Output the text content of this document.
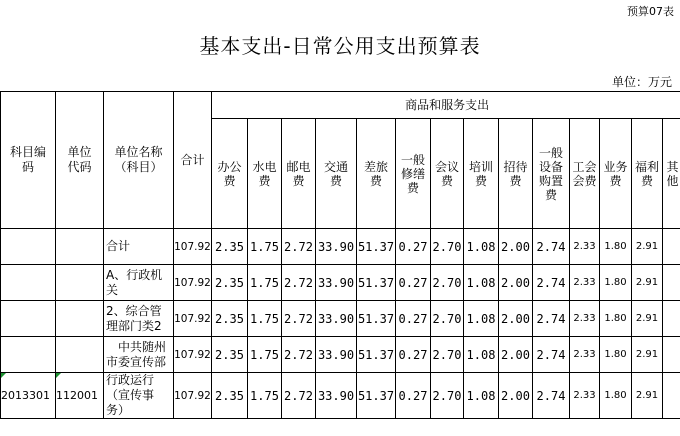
预算07表
基本支出-日常公用支出预算表
单位：万元
科目编码	单位代码	单位名称（科目）	合计	商品和服务支出													

				办公费	水电费	邮电费	交通费	差旅费	一般修缮费	会议费	培训费	招待费	一般设备购置费	工会会费	业务费	福利费	其他

		合计	107.92	2.35	1.75	2.72	33.90	51.37	0.27	2.70	1.08	2.00	2.74	2.33	1.80	2.91	

		A、行政机关	107.92	2.35	1.75	2.72	33.90	51.37	0.27	2.70	1.08	2.00	2.74	2.33	1.80	2.91	

		2、综合管理部门类2	107.92	2.35	1.75	2.72	33.90	51.37	0.27	2.70	1.08	2.00	2.74	2.33	1.80	2.91	

		中共随州市委宣传部	107.92	2.35	1.75	2.72	33.90	51.37	0.27	2.70	1.08	2.00	2.74	2.33	1.80	2.91	

2013301	112001	行政运行（宣传事务）	107.92	2.35	1.75	2.72	33.90	51.37	0.27	2.70	1.08	2.00	2.74	2.33	1.80	2.91	
